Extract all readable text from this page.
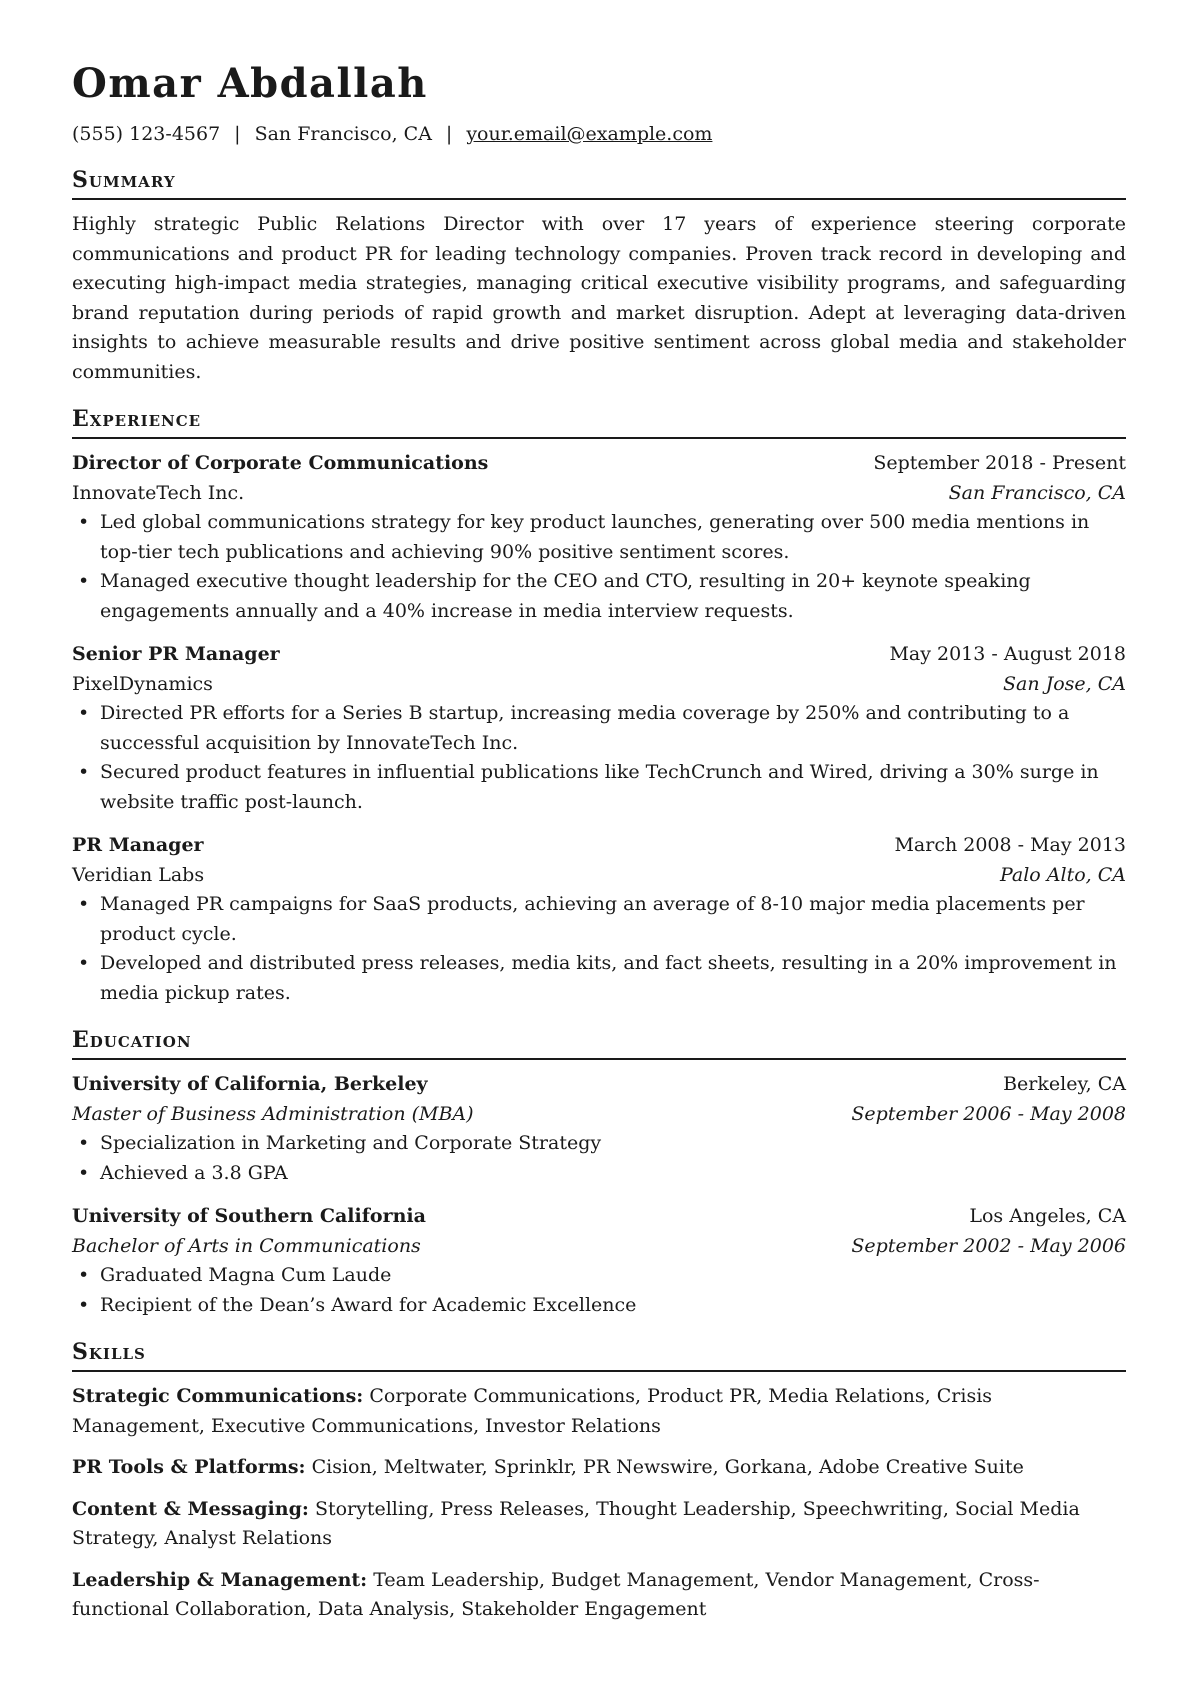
Omar Abdallah
(555) 123-4567 | San Francisco, CA | your.email@example.com
Summary
Highly strategic Public Relations Director with over 17 years of experience steering corporate communications and product PR for leading technology companies. Proven track record in developing and executing high-impact media strategies, managing critical executive visibility programs, and safeguarding brand reputation during periods of rapid growth and market disruption. Adept at leveraging data-driven insights to achieve measurable results and drive positive sentiment across global media and stakeholder communities.
Experience
Director of Corporate Communications	September 2018 - Present
InnovateTech Inc.	San Francisco, CA
• Led global communications strategy for key product launches, generating over 500 media mentions in top-tier tech publications and achieving 90% positive sentiment scores.
• Managed executive thought leadership for the CEO and CTO, resulting in 20+ keynote speaking engagements annually and a 40% increase in media interview requests.
Senior PR Manager	May 2013 - August 2018
PixelDynamics	San Jose, CA
• Directed PR efforts for a Series B startup, increasing media coverage by 250% and contributing to a successful acquisition by InnovateTech Inc.
• Secured product features in influential publications like TechCrunch and Wired, driving a 30% surge in website traffic post-launch.
PR Manager	March 2008 - May 2013
Veridian Labs	Palo Alto, CA
• Managed PR campaigns for SaaS products, achieving an average of 8-10 major media placements per product cycle.
• Developed and distributed press releases, media kits, and fact sheets, resulting in a 20% improvement in media pickup rates.
Education
University of California, Berkeley	Berkeley, CA
Master of Business Administration (MBA)	September 2006 - May 2008
• Specialization in Marketing and Corporate Strategy
• Achieved a 3.8 GPA
University of Southern California	Los Angeles, CA
Bachelor of Arts in Communications	September 2002 - May 2006
• Graduated Magna Cum Laude
• Recipient of the Dean’s Award for Academic Excellence
Skills
Strategic Communications: Corporate Communications, Product PR, Media Relations, Crisis Management, Executive Communications, Investor Relations
PR Tools & Platforms: Cision, Meltwater, Sprinklr, PR Newswire, Gorkana, Adobe Creative Suite
Content & Messaging: Storytelling, Press Releases, Thought Leadership, Speechwriting, Social Media Strategy, Analyst Relations
Leadership & Management: Team Leadership, Budget Management, Vendor Management, Cross-functional Collaboration, Data Analysis, Stakeholder Engagement
